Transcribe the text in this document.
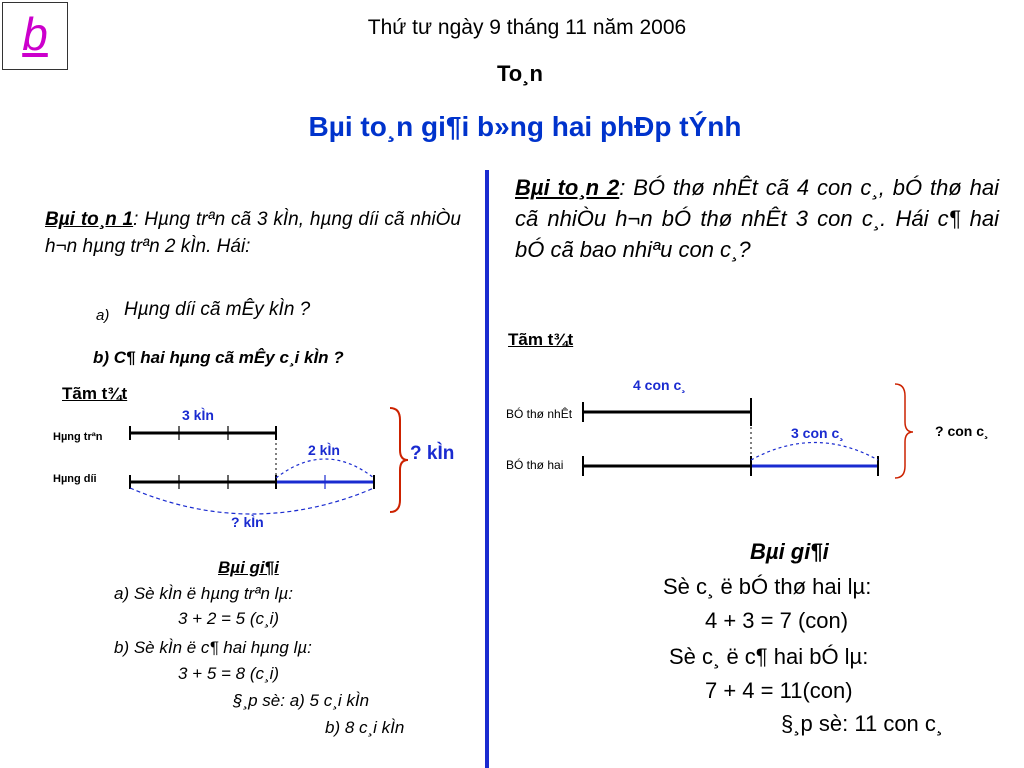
b	Thứ tư ngày 9 tháng 11 năm 2006
To¸n
Bµi to¸n gi¶i b»ng hai phÐp tÝnh
Bµi to¸n 1: Hµng trªn cã 3 kÌn, hµng díi cã nhiÒu h¬n hµng trªn 2 kÌn. Hái:
a) Hµng díi cã mÊy kÌn ?
b) C¶ hai hµng cã mÊy c¸i kÌn ?
Tãm t¾t
3 kÌn
Hµng trªn
2 kÌn	? kÌn
Hµng díi
? kÌn
Bµi gi¶i
a) Sè kÌn ë hµng trªn lµ:
3 + 2 = 5 (c¸i)
b) Sè kÌn ë c¶ hai hµng lµ:
3 + 5 = 8 (c¸i)
§¸p sè: a) 5 c¸i kÌn
b) 8 c¸i kÌn
Bµi to¸n 2: BÓ thø nhÊt cã 4 con c¸, bÓ thø hai cã nhiÒu h¬n bÓ thø nhÊt 3 con c¸. Hái c¶ hai bÓ cã bao nhiªu con c¸?
Tãm t¾t
4 con c¸
BÓ thø nhÊt
3 con c¸	? con c¸
BÓ thø hai
Bµi gi¶i
Sè c¸ ë bÓ thø hai lµ:
4 + 3 = 7 (con)
Sè c¸ ë c¶ hai bÓ lµ:
7 + 4 = 11(con)
§¸p sè: 11 con c¸
